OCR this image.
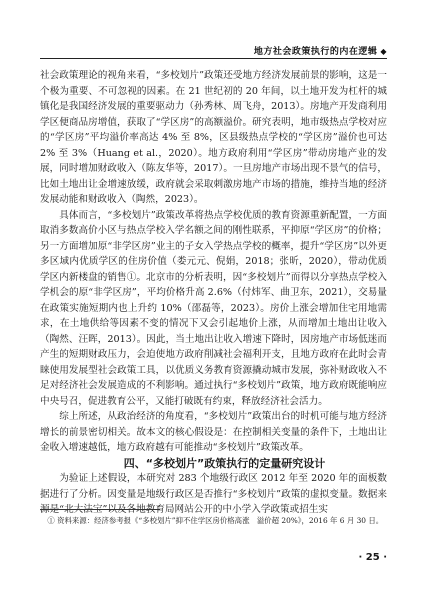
地方社会政策执行的内在逻辑 ◆

社会政策理论的视角来看，“多校划片”政策还受地方经济发展前景的影响，这是一个极为重要、不可忽视的因素。在 21 世纪初的 20 年间，以土地开发为杠杆的城镇化是我国经济发展的重要驱动力（孙秀林、周飞舟，2013）。房地产开发商利用学区便商品房增值，获取了“学区房”的高额溢价。研究表明，地市级热点学校对应的“学区房”平均溢价率高达 4% 至 8%，区县级热点学校的“学区房”溢价也可达 2% 至 3%（Huang et al.，2020）。地方政府利用“学区房”带动房地产业的发展，同时增加财政收入（陈友华等，2017）。一旦房地产市场出现不景气的信号，比如土地出让金增速放缓，政府就会采取刺激房地产市场的措施，维持当地的经济发展动能和财政收入（陶然，2023）。

具体而言，“多校划片”政策改革将热点学校优质的教育资源重新配置，一方面取消多数高价小区与热点学校入学名额之间的刚性联系，平抑原“学区房”的价格；另一方面增加原“非学区房”业主的子女入学热点学校的概率，提升“学区房”以外更多区域内优质学区的住房价值（娄元元、倪娟，2018；张昕，2020），带动优质学区内新楼盘的销售①。北京市的分析表明，因“多校划片”而得以分享热点学校入学机会的原“非学区房”，平均价格升高 2.6%（付炜军、曲卫东，2021），交易量在政策实施短期内也上升约 10%（邵磊等，2023）。房价上涨会增加住宅用地需求，在土地供给等因素不变的情况下又会引起地价上涨，从而增加土地出让收入（陶然、汪晖，2013）。因此，当土地出让收入增速下降时，因房地产市场低迷而产生的短期财政压力，会迫使地方政府削减社会福利开支，且地方政府在此时会青睐使用发展型社会政策工具，以优质义务教育资源撬动城市发展，弥补财政收入不足对经济社会发展造成的不利影响。通过执行“多校划片”政策，地方政府既能响应中央号召，促进教育公平，又能打破既有约束，释放经济社会活力。

综上所述，从政治经济的角度看，“多校划片”政策出台的时机可能与地方经济增长的前景密切相关。故本文的核心假设是：在控制相关变量的条件下，土地出让金收入增速越低，地方政府越有可能推动“多校划片”政策改革。

四、“多校划片”政策执行的定量研究设计

为验证上述假设，本研究对 283 个地级行政区 2012 年至 2020 年的面板数据进行了分析。因变量是地级行政区是否推行“多校划片”政策的虚拟变量。数据来源是“北大法宝”以及各地教育局网站公开的中小学入学政策或招生实

① 资料来源：经济参考报《“多校划片”抑不住学区房价格高涨　溢价超 20%》，2016 年 6 月 30 日。
· 25 ·
